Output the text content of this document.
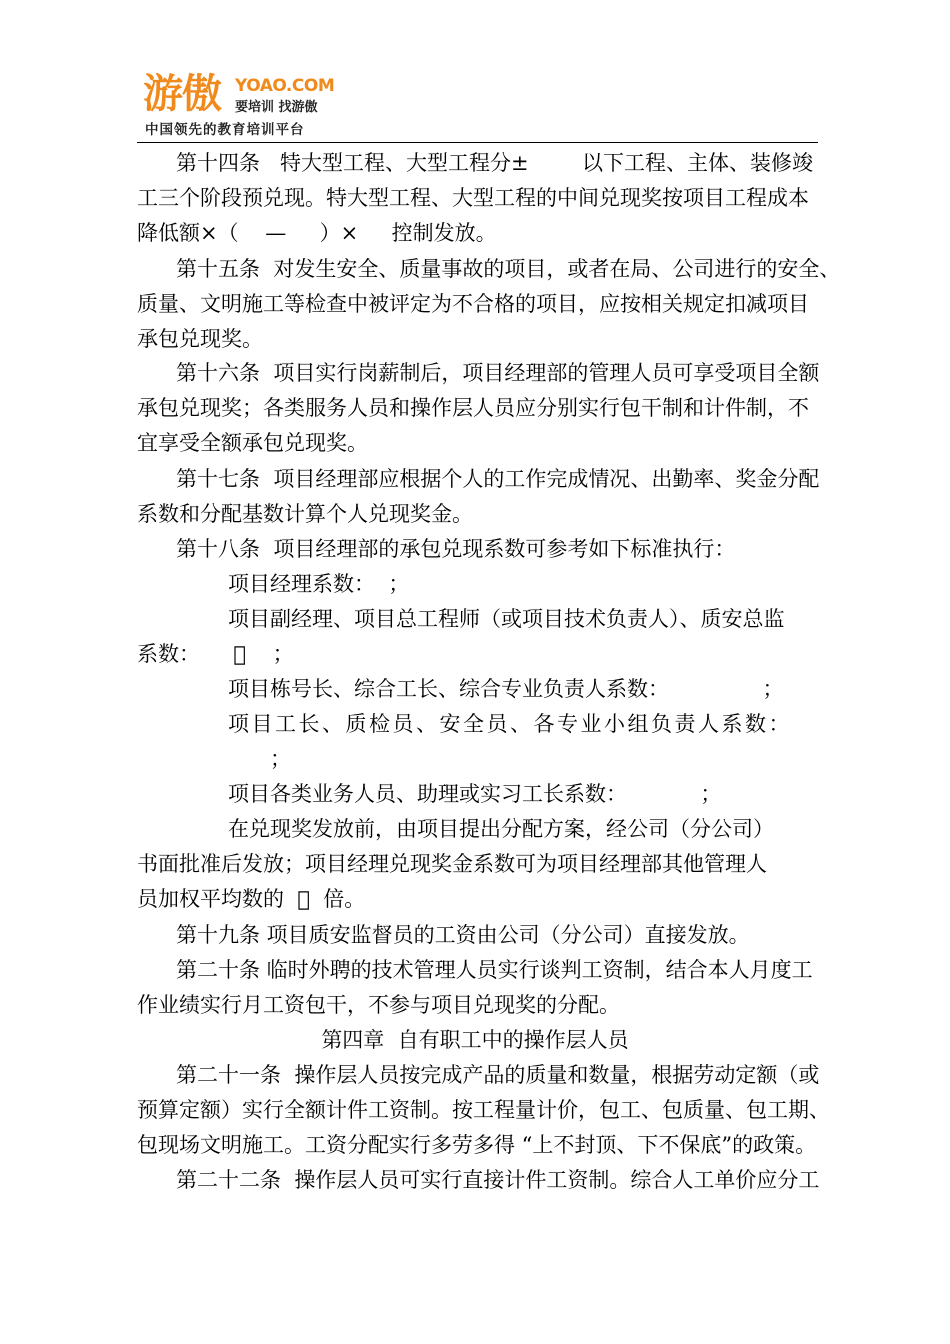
游傲 YOAO.COM
要培训 找游傲
中国领先的教育培训平台
第十四条   特大型工程、大型工程分±        以下工程、主体、装修竣
工三个阶段预兑现。特大型工程、大型工程的中间兑现奖按项目工程成本
降低额×（    —     ）×     控制发放。
第十五条  对发生安全、质量事故的项目，或者在局、公司进行的安全、
质量、文明施工等检查中被评定为不合格的项目，应按相关规定扣减项目
承包兑现奖。
第十六条  项目实行岗薪制后，项目经理部的管理人员可享受项目全额
承包兑现奖；各类服务人员和操作层人员应分别实行包干制和计件制，不
宜享受全额承包兑现奖。
第十七条  项目经理部应根据个人的工作完成情况、出勤率、奖金分配
系数和分配基数计算个人兑现奖金。
第十八条  项目经理部的承包兑现系数可参考如下标准执行：
项目经理系数：  ；
项目副经理、项目总工程师（或项目技术负责人）、质安总监
系数：          ；
项目栋号长、综合工长、综合专业负责人系数：              ；
项目工长、质检员、安全员、各专业小组负责人系数：
；
项目各类业务人员、助理或实习工长系数：           ；
在兑现奖发放前，由项目提出分配方案，经公司（分公司）
书面批准后发放；项目经理兑现奖金系数可为项目经理部其他管理人
员加权平均数的     倍。
第十九条 项目质安监督员的工资由公司（分公司）直接发放。
第二十条 临时外聘的技术管理人员实行谈判工资制，结合本人月度工
作业绩实行月工资包干，不参与项目兑现奖的分配。
第四章  自有职工中的操作层人员
第二十一条  操作层人员按完成产品的质量和数量，根据劳动定额（或
预算定额）实行全额计件工资制。按工程量计价，包工、包质量、包工期、
包现场文明施工。工资分配实行多劳多得 “上不封顶、下不保底”的政策。
第二十二条  操作层人员可实行直接计件工资制。综合人工单价应分工
